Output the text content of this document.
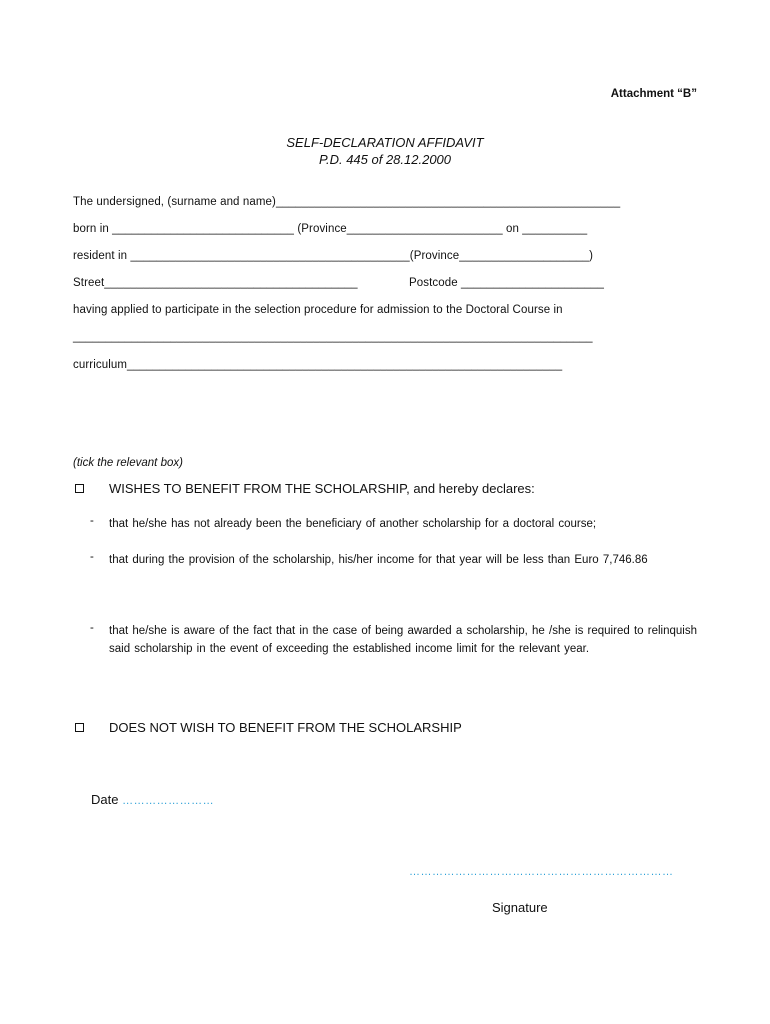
Attachment “B”
SELF-DECLARATION AFFIDAVIT
P.D. 445 of 28.12.2000
The undersigned, (surname and name)_____________________________________________________
born in ____________________________ (Province________________________ on __________
resident in ___________________________________________(Province____________________)
Street_______________________________________	Postcode ______________________
having applied to participate in the selection procedure for admission to the Doctoral Course in
________________________________________________________________________________
curriculum___________________________________________________________________
(tick the relevant box)
WISHES TO BENEFIT FROM THE SCHOLARSHIP, and hereby declares:
- that he/she has not already been the beneficiary of another scholarship for a doctoral course;
- that during the provision of the scholarship, his/her income for that year will be less than Euro 7,746.86
- that he/she is aware of the fact that in the case of being awarded a scholarship, he /she is required to relinquish said scholarship in the event of exceeding the established income limit for the relevant year.
DOES NOT WISH TO BENEFIT FROM THE SCHOLARSHIP
Date ……………………
……………………………………………………………
Signature
